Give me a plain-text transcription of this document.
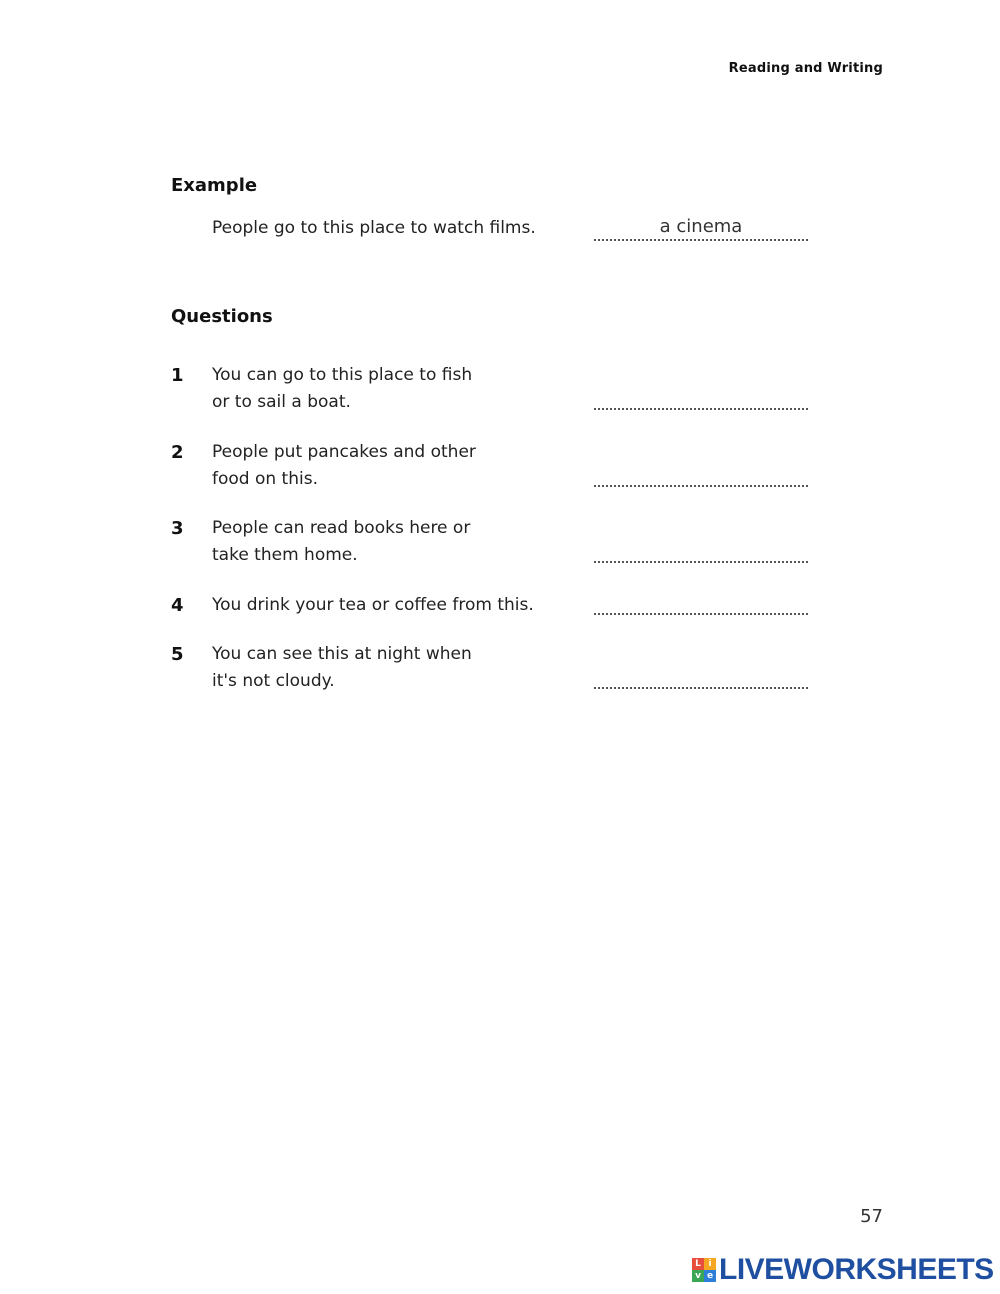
Reading and Writing
Example
People go to this place to watch films.	a cinema
Questions
1 You can go to this place to fish
or to sail a boat.
2 People put pancakes and other
food on this.
3 People can read books here or
take them home.
4 You drink your tea or coffee from this.
5 You can see this at night when
it's not cloudy.
57
L i
v e LIVEWORKSHEETS
